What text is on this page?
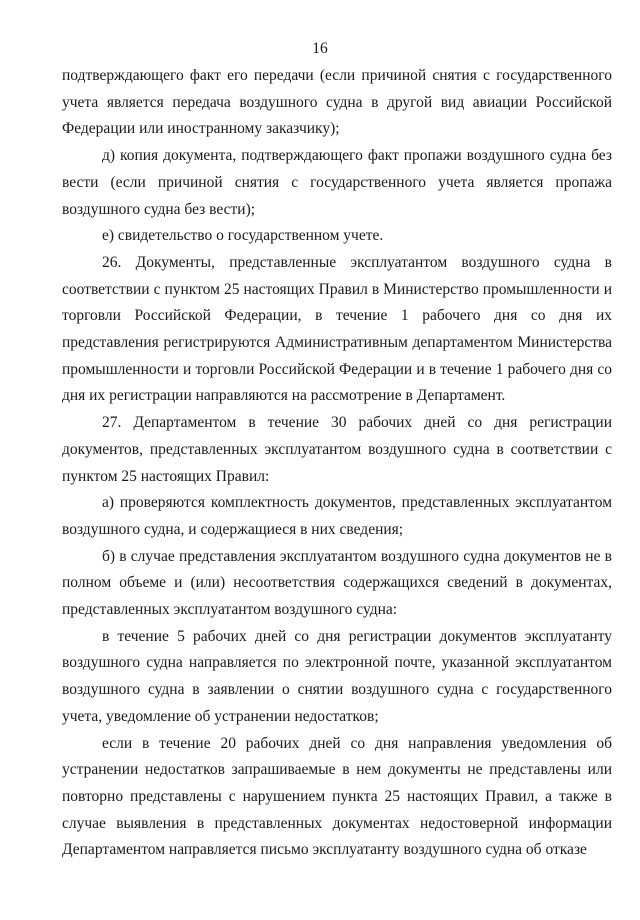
16

подтверждающего факт его передачи (если причиной снятия с государственного учета является передача воздушного судна в другой вид авиации Российской Федерации или иностранному заказчику);

д) копия документа, подтверждающего факт пропажи воздушного судна без вести (если причиной снятия с государственного учета является пропажа воздушного судна без вести);

е) свидетельство о государственном учете.

26. Документы, представленные эксплуатантом воздушного судна в соответствии с пунктом 25 настоящих Правил в Министерство промышленности и торговли Российской Федерации, в течение 1 рабочего дня со дня их представления регистрируются Административным департаментом Министерства промышленности и торговли Российской Федерации и в течение 1 рабочего дня со дня их регистрации направляются на рассмотрение в Департамент.

27. Департаментом в течение 30 рабочих дней со дня регистрации документов, представленных эксплуатантом воздушного судна в соответствии с пунктом 25 настоящих Правил:

а) проверяются комплектность документов, представленных эксплуатантом воздушного судна, и содержащиеся в них сведения;

б) в случае представления эксплуатантом воздушного судна документов не в полном объеме и (или) несоответствия содержащихся сведений в документах, представленных эксплуатантом воздушного судна:

в течение 5 рабочих дней со дня регистрации документов эксплуатанту воздушного судна направляется по электронной почте, указанной эксплуатантом воздушного судна в заявлении о снятии воздушного судна с государственного учета, уведомление об устранении недостатков;

если в течение 20 рабочих дней со дня направления уведомления об устранении недостатков запрашиваемые в нем документы не представлены или повторно представлены с нарушением пункта 25 настоящих Правил, а также в случае выявления в представленных документах недостоверной информации Департаментом направляется письмо эксплуатанту воздушного судна об отказе
